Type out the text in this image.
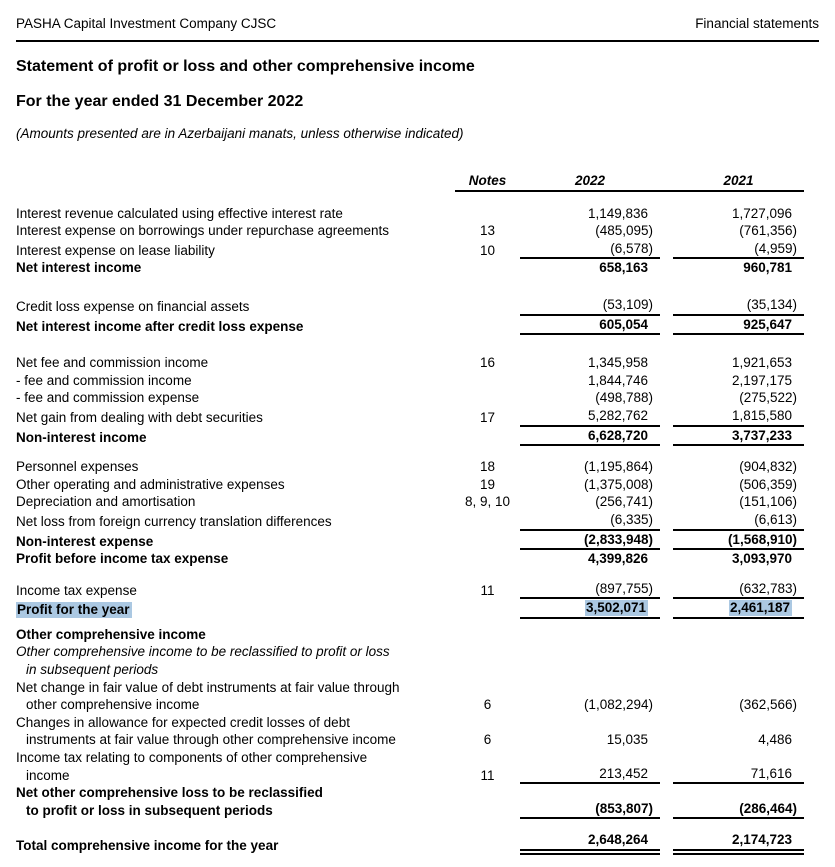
PASHA Capital Investment Company CJSC	Financial statements
Statement of profit or loss and other comprehensive income
For the year ended 31 December 2022

(Amounts presented are in Azerbaijani manats, unless otherwise indicated)

Notes	2022	2021
Interest revenue calculated using effective interest rate	1,149,836	1,727,096
Interest expense on borrowings under repurchase agreements	13	(485,095)	(761,356)
Interest expense on lease liability	10	(6,578)	(4,959)
Net interest income	658,163	960,781
Credit loss expense on financial assets	(53,109)	(35,134)
Net interest income after credit loss expense	605,054	925,647
Net fee and commission income	16	1,345,958	1,921,653
- fee and commission income	1,844,746	2,197,175
- fee and commission expense	(498,788)	(275,522)
Net gain from dealing with debt securities	17	5,282,762	1,815,580
Non-interest income	6,628,720	3,737,233
Personnel expenses	18	(1,195,864)	(904,832)
Other operating and administrative expenses	19	(1,375,008)	(506,359)
Depreciation and amortisation	8, 9, 10	(256,741)	(151,106)
Net loss from foreign currency translation differences	(6,335)	(6,613)
Non-interest expense	(2,833,948)	(1,568,910)
Profit before income tax expense	4,399,826	3,093,970
Income tax expense	11	(897,755)	(632,783)
Profit for the year	3,502,071	2,461,187
Other comprehensive income
Other comprehensive income to be reclassified to profit or loss
in subsequent periods
Net change in fair value of debt instruments at fair value through
other comprehensive income	6	(1,082,294)	(362,566)
Changes in allowance for expected credit losses of debt
instruments at fair value through other comprehensive income	6	15,035	4,486
Income tax relating to components of other comprehensive
income	11	213,452	71,616
Net other comprehensive loss to be reclassified
to profit or loss in subsequent periods	(853,807)	(286,464)
Total comprehensive income for the year	2,648,264	2,174,723
